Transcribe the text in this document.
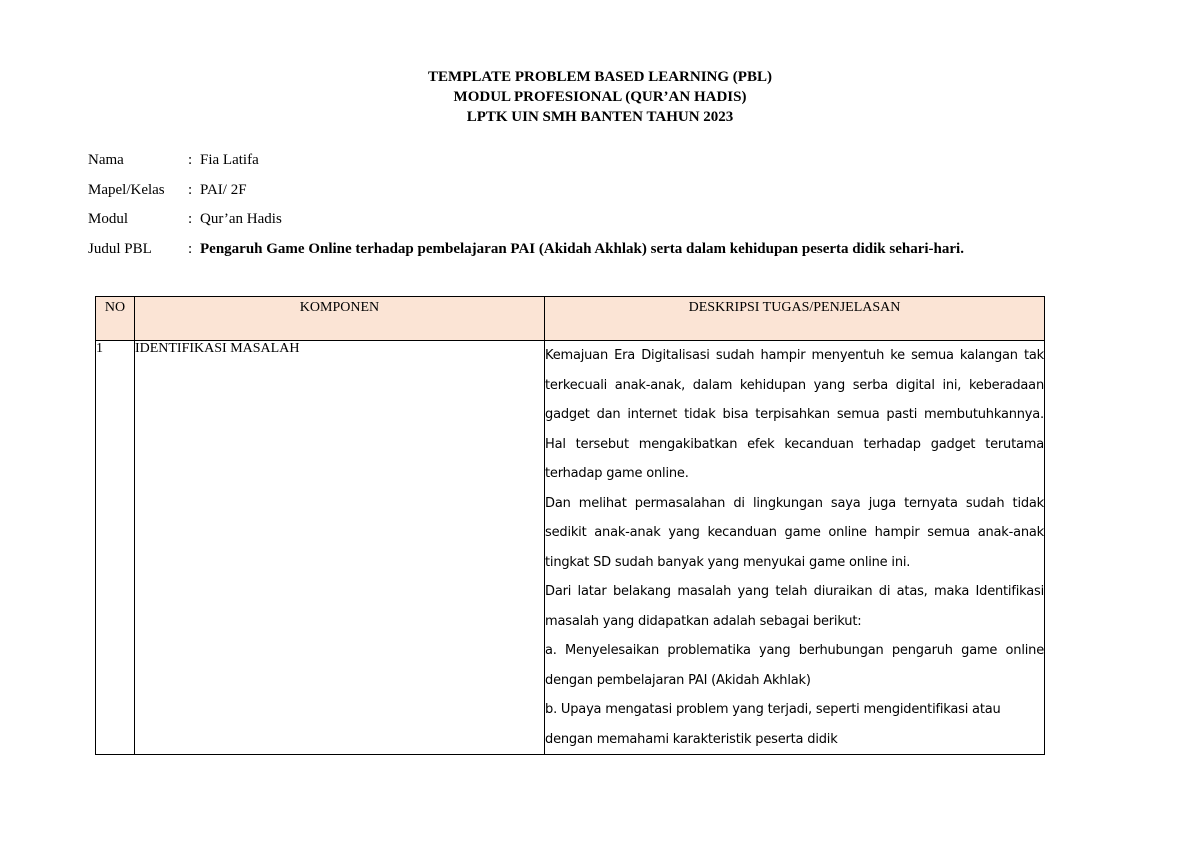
TEMPLATE PROBLEM BASED LEARNING (PBL)
MODUL PROFESIONAL (QUR’AN HADIS)
LPTK UIN SMH BANTEN TAHUN 2023
Nama	: Fia Latifa
Mapel/Kelas	: PAI/ 2F
Modul	: Qur’an Hadis
Judul PBL	: Pengaruh Game Online terhadap pembelajaran PAI (Akidah Akhlak) serta dalam kehidupan peserta didik sehari-hari.
NO	KOMPONEN	DESKRIPSI TUGAS/PENJELASAN
1	IDENTIFIKASI MASALAH	Kemajuan Era Digitalisasi sudah hampir menyentuh ke semua kalangan tak terkecuali anak-anak, dalam kehidupan yang serba digital ini, keberadaan gadget dan internet tidak bisa terpisahkan semua pasti membutuhkannya. Hal tersebut mengakibatkan efek kecanduan terhadap gadget terutama terhadap game online.

Dan melihat permasalahan di lingkungan saya juga ternyata sudah tidak sedikit anak-anak yang kecanduan game online hampir semua anak-anak tingkat SD sudah banyak yang menyukai game online ini.

Dari latar belakang masalah yang telah diuraikan di atas, maka Identifikasi masalah yang didapatkan adalah sebagai berikut:

a. Menyelesaikan problematika yang berhubungan pengaruh game online dengan pembelajaran PAI (Akidah Akhlak)

b. Upaya mengatasi problem yang terjadi, seperti mengidentifikasi atau dengan memahami karakteristik peserta didik
